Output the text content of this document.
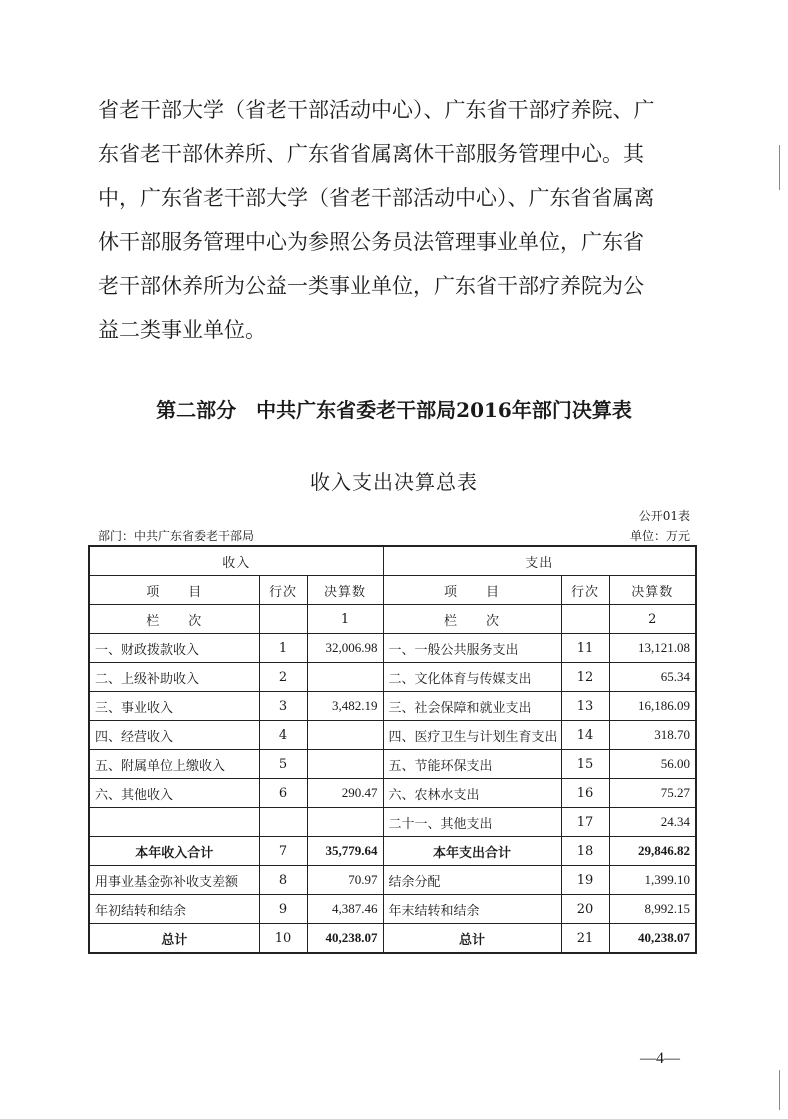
省老干部大学（省老干部活动中心）、广东省干部疗养院、广

东省老干部休养所、广东省省属离休干部服务管理中心。其

中，广东省老干部大学（省老干部活动中心）、广东省省属离

休干部服务管理中心为参照公务员法管理事业单位，广东省

老干部休养所为公益一类事业单位，广东省干部疗养院为公

益二类事业单位。

第二部分　中共广东省委老干部局2016年部门决算表
收入支出决算总表
公开01表
部门：中共广东省委老干部局	单位：万元
收入			支出		
项　　目	行次	决算数	项　　目	行次	决算数
栏　　次		1	栏　　次		2
一、财政拨款收入	1	32,006.98	一、一般公共服务支出	11	13,121.08
二、上级补助收入	2		二、文化体育与传媒支出	12	65.34
三、事业收入	3	3,482.19	三、社会保障和就业支出	13	16,186.09
四、经营收入	4		四、医疗卫生与计划生育支出	14	318.70
五、附属单位上缴收入	5		五、节能环保支出	15	56.00
六、其他收入	6	290.47	六、农林水支出	16	75.27
			二十一、其他支出	17	24.34
本年收入合计	7	35,779.64	本年支出合计	18	29,846.82
用事业基金弥补收支差额	8	70.97	结余分配	19	1,399.10
年初结转和结余	9	4,387.46	年末结转和结余	20	8,992.15
总计	10	40,238.07	总计	21	40,238.07
—4—
